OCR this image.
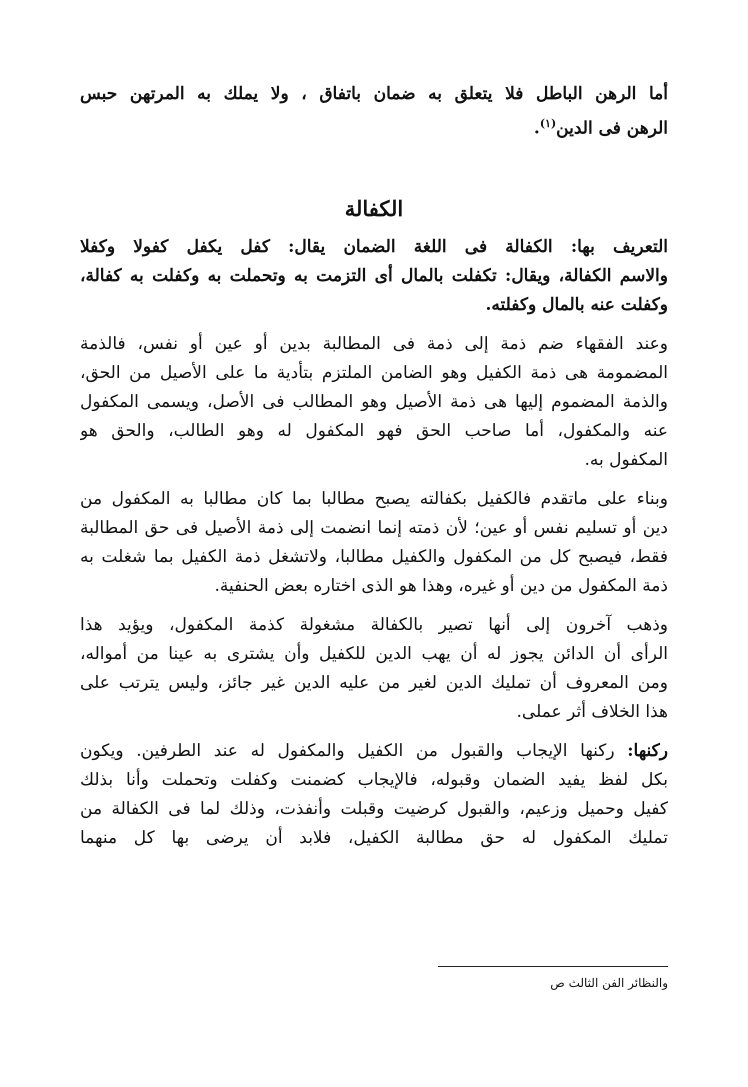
أما الرهن الباطل فلا يتعلق به ضمان باتفاق ، ولا يملك به المرتهن حبس
الرهن فى الدين$^{(١)}$.
الكفالة
التعريف بها: الكفالة فى اللغة الضمان يقال: كفل يكفل كفولا وكفلا
والاسم الكفالة، ويقال: تكفلت بالمال أى التزمت به وتحملت به وكفلت به كفالة،
وكفلت عنه بالمال وكفلته.
وعند الفقهاء ضم ذمة إلى ذمة فى المطالبة بدين أو عين أو نفس، فالذمة
المضمومة هى ذمة الكفيل وهو الضامن الملتزم بتأدية ما على الأصيل من الحق،
والذمة المضموم إليها هى ذمة الأصيل وهو المطالب فى الأصل، ويسمى المكفول
عنه والمكفول، أما صاحب الحق فهو المكفول له وهو الطالب، والحق هو
المكفول به.
وبناء على ماتقدم فالكفيل بكفالته يصبح مطالبا بما كان مطالبا به المكفول من
دين أو تسليم نفس أو عين؛ لأن ذمته إنما انضمت إلى ذمة الأصيل فى حق المطالبة
فقط، فيصبح كل من المكفول والكفيل مطالبا، ولاتشغل ذمة الكفيل بما شغلت به
ذمة المكفول من دين أو غيره، وهذا هو الذى اختاره بعض الحنفية.
وذهب آخرون إلى أنها تصير بالكفالة مشغولة كذمة المكفول، ويؤيد هذا
الرأى أن الدائن يجوز له أن يهب الدين للكفيل وأن يشترى به عينا من أمواله،
ومن المعروف أن تمليك الدين لغير من عليه الدين غير جائز، وليس يترتب على
هذا الخلاف أثر عملى.
ركنها: ركنها الإيجاب والقبول من الكفيل والمكفول له عند الطرفين. ويكون
بكل لفظ يفيد الضمان وقبوله، فالإيجاب كضمنت وكفلت وتحملت وأنا بذلك
كفيل وحميل وزعيم، والقبول كرضيت وقبلت وأنفذت، وذلك لما فى الكفالة من
تمليك المكفول له حق مطالبة الكفيل، فلابد أن يرضى بها كل منهما
والنظائر الفن الثالث ص
